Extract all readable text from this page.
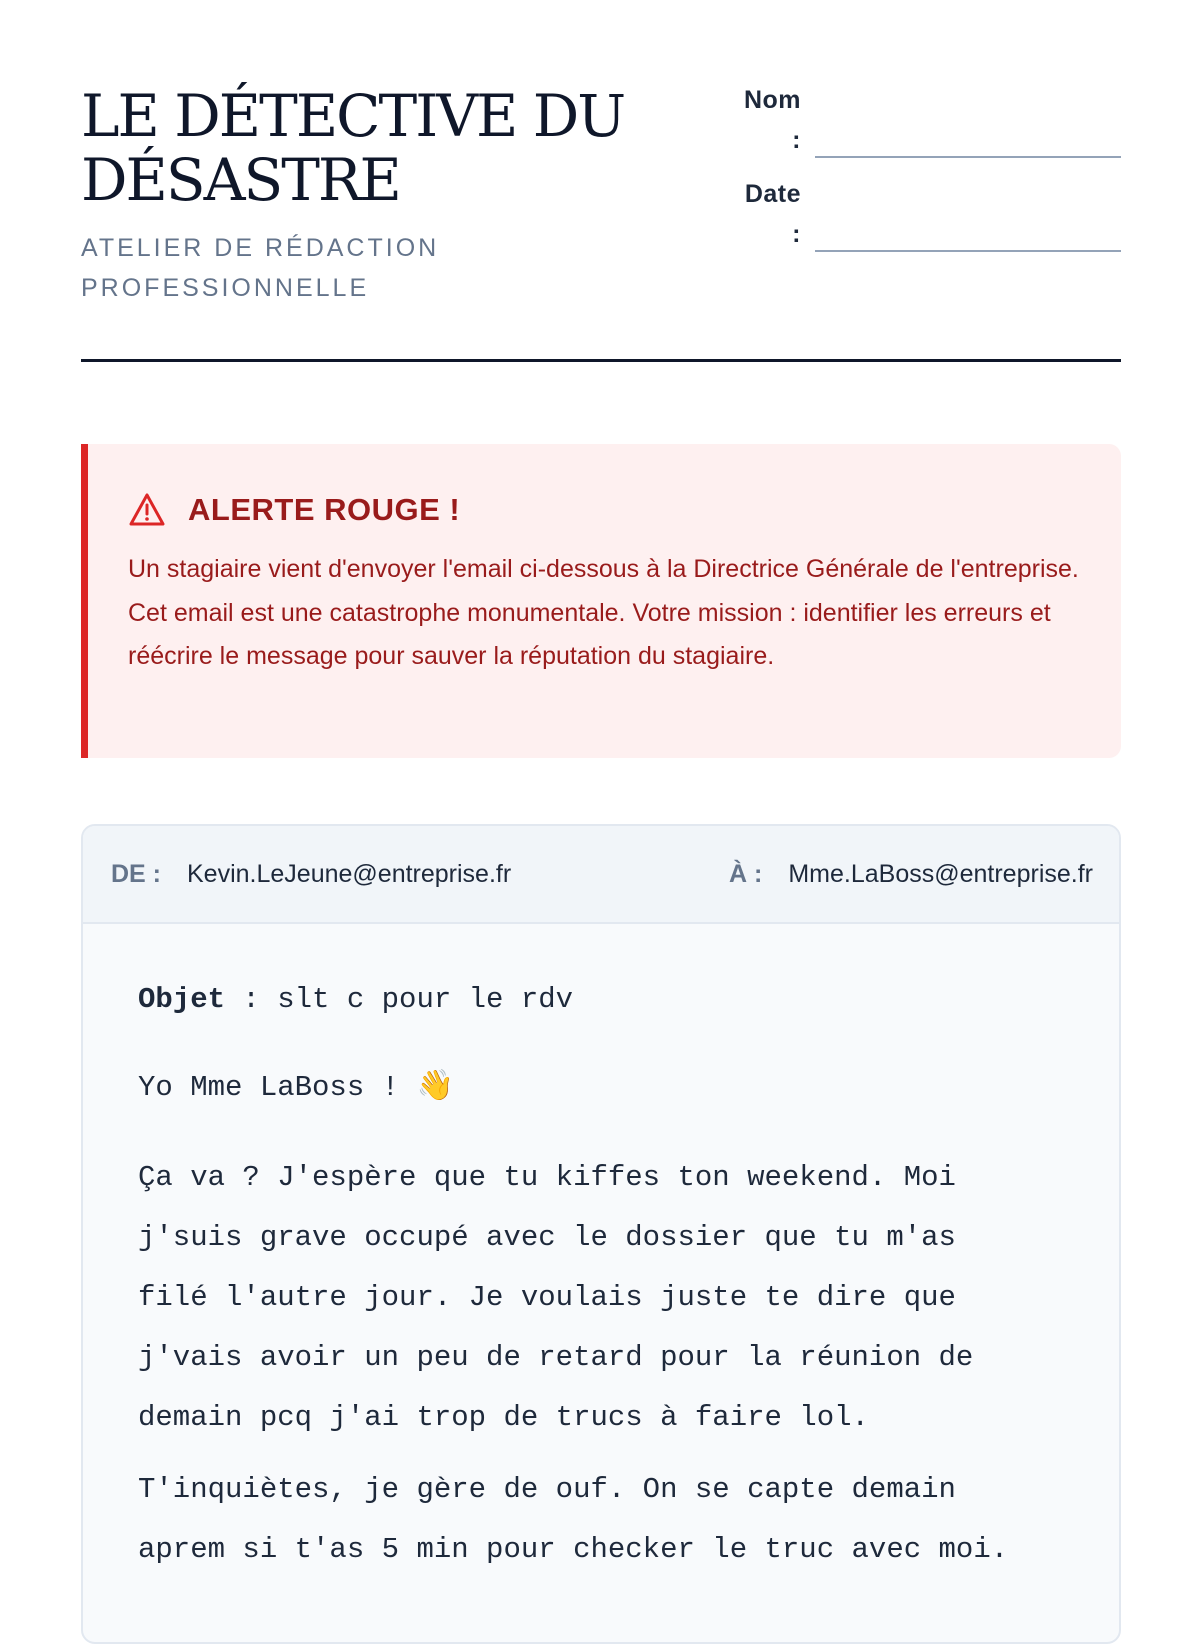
LE DÉTECTIVE DU DÉSASTRE
ATELIER DE RÉDACTION PROFESSIONNELLE
Nom :
Date :
ALERTE ROUGE !
Un stagiaire vient d'envoyer l'email ci-dessous à la Directrice Générale de l'entreprise. Cet email est une catastrophe monumentale. Votre mission : identifier les erreurs et réécrire le message pour sauver la réputation du stagiaire.
DE : Kevin.LeJeune@entreprise.fr	À : Mme.LaBoss@entreprise.fr

Objet : slt c pour le rdv

Yo Mme LaBoss ! 👋

Ça va ? J'espère que tu kiffes ton weekend. Moi j'suis grave occupé avec le dossier que tu m'as filé l'autre jour. Je voulais juste te dire que j'vais avoir un peu de retard pour la réunion de demain pcq j'ai trop de trucs à faire lol.

T'inquiètes, je gère de ouf. On se capte demain aprem si t'as 5 min pour checker le truc avec moi.
